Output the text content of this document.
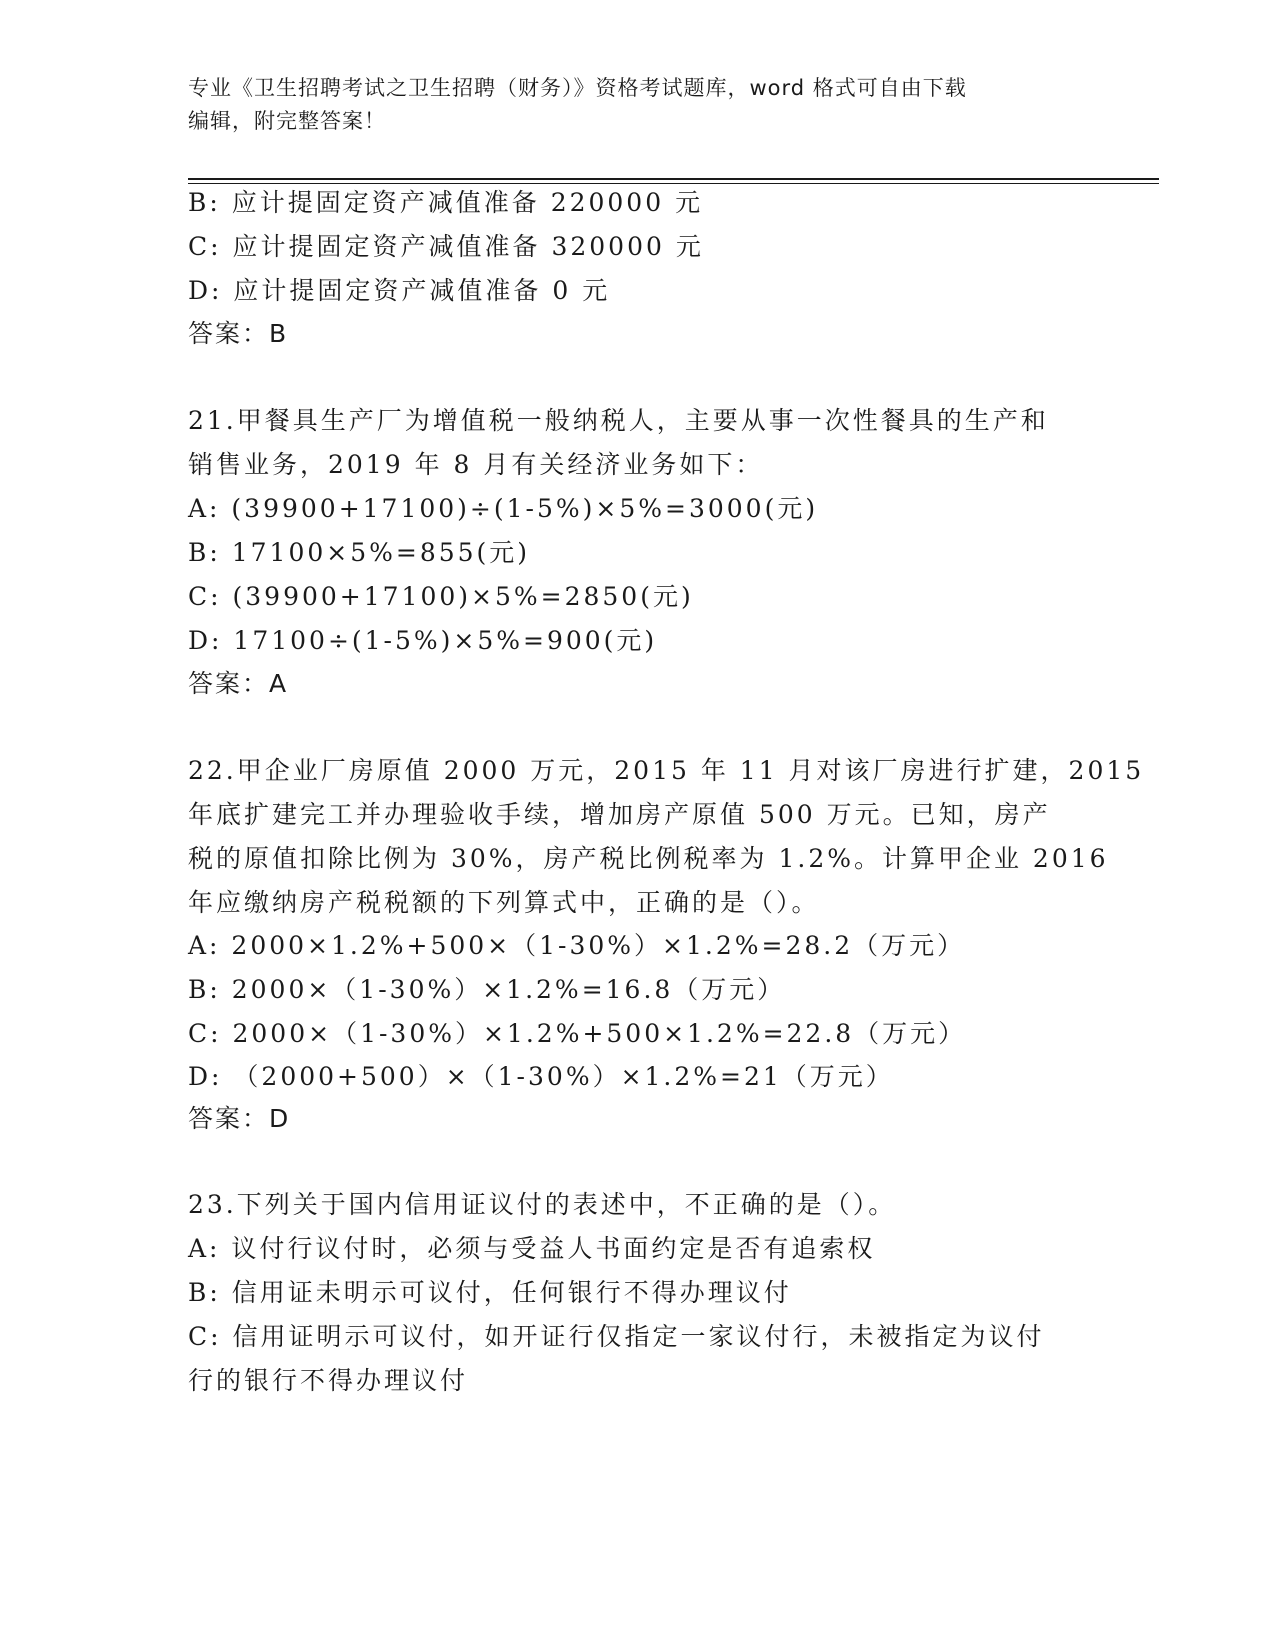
专业《卫生招聘考试之卫生招聘（财务）》资格考试题库，word 格式可自由下载
编辑，附完整答案！
B: 应计提固定资产减值准备 220000 元
C: 应计提固定资产减值准备 320000 元
D: 应计提固定资产减值准备 0 元
答案：B
21.甲餐具生产厂为增值税一般纳税人，主要从事一次性餐具的生产和
销售业务，2019 年 8 月有关经济业务如下：
A: (39900+17100)÷(1-5%)×5%=3000(元)
B: 17100×5%=855(元)
C: (39900+17100)×5%=2850(元)
D: 17100÷(1-5%)×5%=900(元)
答案：A
22.甲企业厂房原值 2000 万元，2015 年 11 月对该厂房进行扩建，2015
年底扩建完工并办理验收手续，增加房产原值 500 万元。已知，房产
税的原值扣除比例为 30%，房产税比例税率为 1.2%。计算甲企业 2016
年应缴纳房产税税额的下列算式中，正确的是（）。
A: 2000×1.2%+500×（1-30%）×1.2%=28.2（万元）
B: 2000×（1-30%）×1.2%=16.8（万元）
C: 2000×（1-30%）×1.2%+500×1.2%=22.8（万元）
D: （2000+500）×（1-30%）×1.2%=21（万元）
答案：D
23.下列关于国内信用证议付的表述中，不正确的是（）。
A: 议付行议付时，必须与受益人书面约定是否有追索权
B: 信用证未明示可议付，任何银行不得办理议付
C: 信用证明示可议付，如开证行仅指定一家议付行，未被指定为议付
行的银行不得办理议付
